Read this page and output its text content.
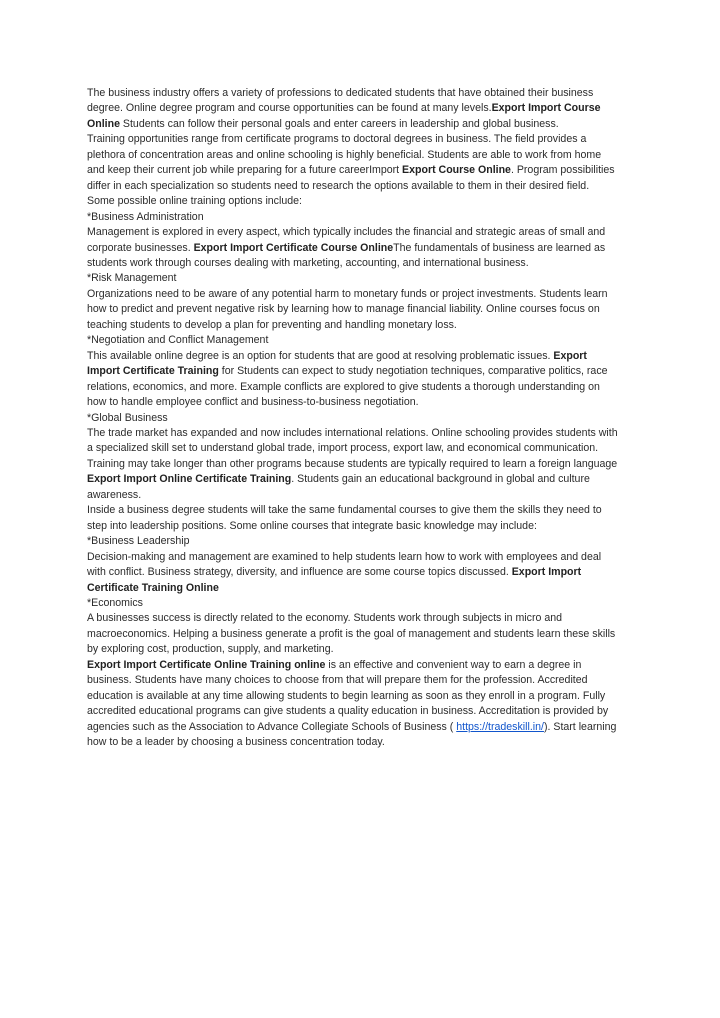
The business industry offers a variety of professions to dedicated students that have obtained their business
degree. Online degree program and course opportunities can be found at many levels.Export Import Course
Online Students can follow their personal goals and enter careers in leadership and global business.
Training opportunities range from certificate programs to doctoral degrees in business. The field provides a
plethora of concentration areas and online schooling is highly beneficial. Students are able to work from home
and keep their current job while preparing for a future careerImport Export Course Online. Program possibilities
differ in each specialization so students need to research the options available to them in their desired field.
Some possible online training options include:
*Business Administration
Management is explored in every aspect, which typically includes the financial and strategic areas of small and
corporate businesses. Export Import Certificate Course OnlineThe fundamentals of business are learned as
students work through courses dealing with marketing, accounting, and international business.
*Risk Management
Organizations need to be aware of any potential harm to monetary funds or project investments. Students learn
how to predict and prevent negative risk by learning how to manage financial liability. Online courses focus on
teaching students to develop a plan for preventing and handling monetary loss.
*Negotiation and Conflict Management
This available online degree is an option for students that are good at resolving problematic issues. Export
Import Certificate Training for Students can expect to study negotiation techniques, comparative politics, race
relations, economics, and more. Example conflicts are explored to give students a thorough understanding on
how to handle employee conflict and business-to-business negotiation.
*Global Business
The trade market has expanded and now includes international relations. Online schooling provides students with
a specialized skill set to understand global trade, import process, export law, and economical communication.
Training may take longer than other programs because students are typically required to learn a foreign language
Export Import Online Certificate Training. Students gain an educational background in global and culture
awareness.
Inside a business degree students will take the same fundamental courses to give them the skills they need to
step into leadership positions. Some online courses that integrate basic knowledge may include:
*Business Leadership
Decision-making and management are examined to help students learn how to work with employees and deal
with conflict. Business strategy, diversity, and influence are some course topics discussed. Export Import
Certificate Training Online
*Economics
A businesses success is directly related to the economy. Students work through subjects in micro and
macroeconomics. Helping a business generate a profit is the goal of management and students learn these skills
by exploring cost, production, supply, and marketing.
Export Import Certificate Online Training online is an effective and convenient way to earn a degree in
business. Students have many choices to choose from that will prepare them for the profession. Accredited
education is available at any time allowing students to begin learning as soon as they enroll in a program. Fully
accredited educational programs can give students a quality education in business. Accreditation is provided by
agencies such as the Association to Advance Collegiate Schools of Business ( https://tradeskill.in/). Start learning
how to be a leader by choosing a business concentration today.
